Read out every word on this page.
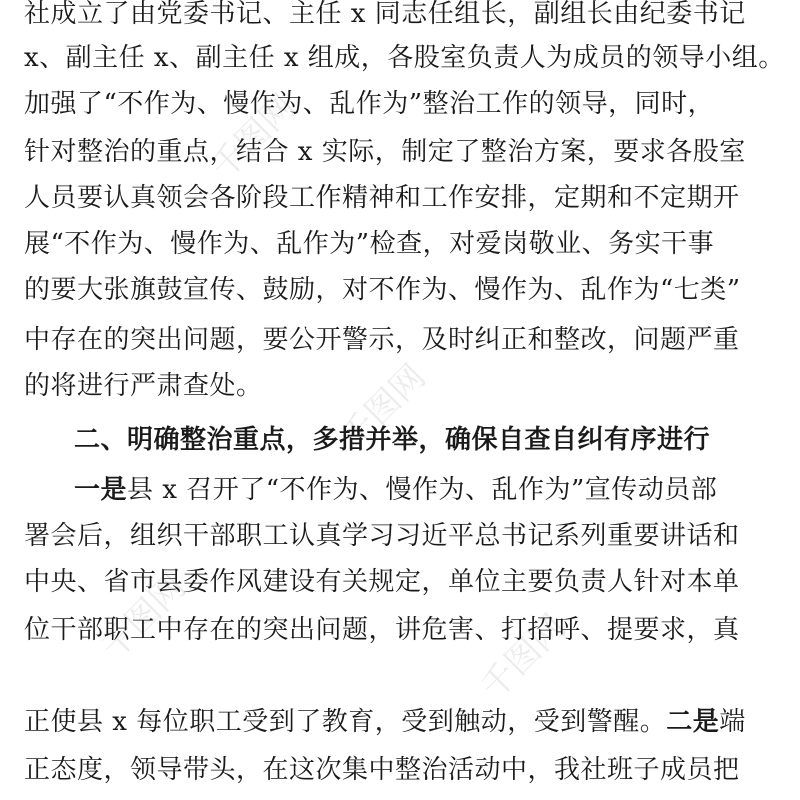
千图网
千图网
千图网	千图网
社成立了由党委书记、主任 x 同志任组长，副组长由纪委书记
x、副主任 x、副主任 x 组成，各股室负责人为成员的领导小组。
加强了“不作为、慢作为、乱作为”整治工作的领导，同时，
针对整治的重点，结合 x 实际，制定了整治方案，要求各股室
人员要认真领会各阶段工作精神和工作安排，定期和不定期开
展“不作为、慢作为、乱作为”检查，对爱岗敬业、务实干事
的要大张旗鼓宣传、鼓励，对不作为、慢作为、乱作为“七类”
中存在的突出问题，要公开警示，及时纠正和整改，问题严重
的将进行严肃查处。
二、明确整治重点，多措并举，确保自查自纠有序进行
一是县 x 召开了“不作为、慢作为、乱作为”宣传动员部
署会后，组织干部职工认真学习习近平总书记系列重要讲话和
中央、省市县委作风建设有关规定，单位主要负责人针对本单
位干部职工中存在的突出问题，讲危害、打招呼、提要求，真
正使县 x 每位职工受到了教育，受到触动，受到警醒。二是端
正态度，领导带头，在这次集中整治活动中，我社班子成员把
